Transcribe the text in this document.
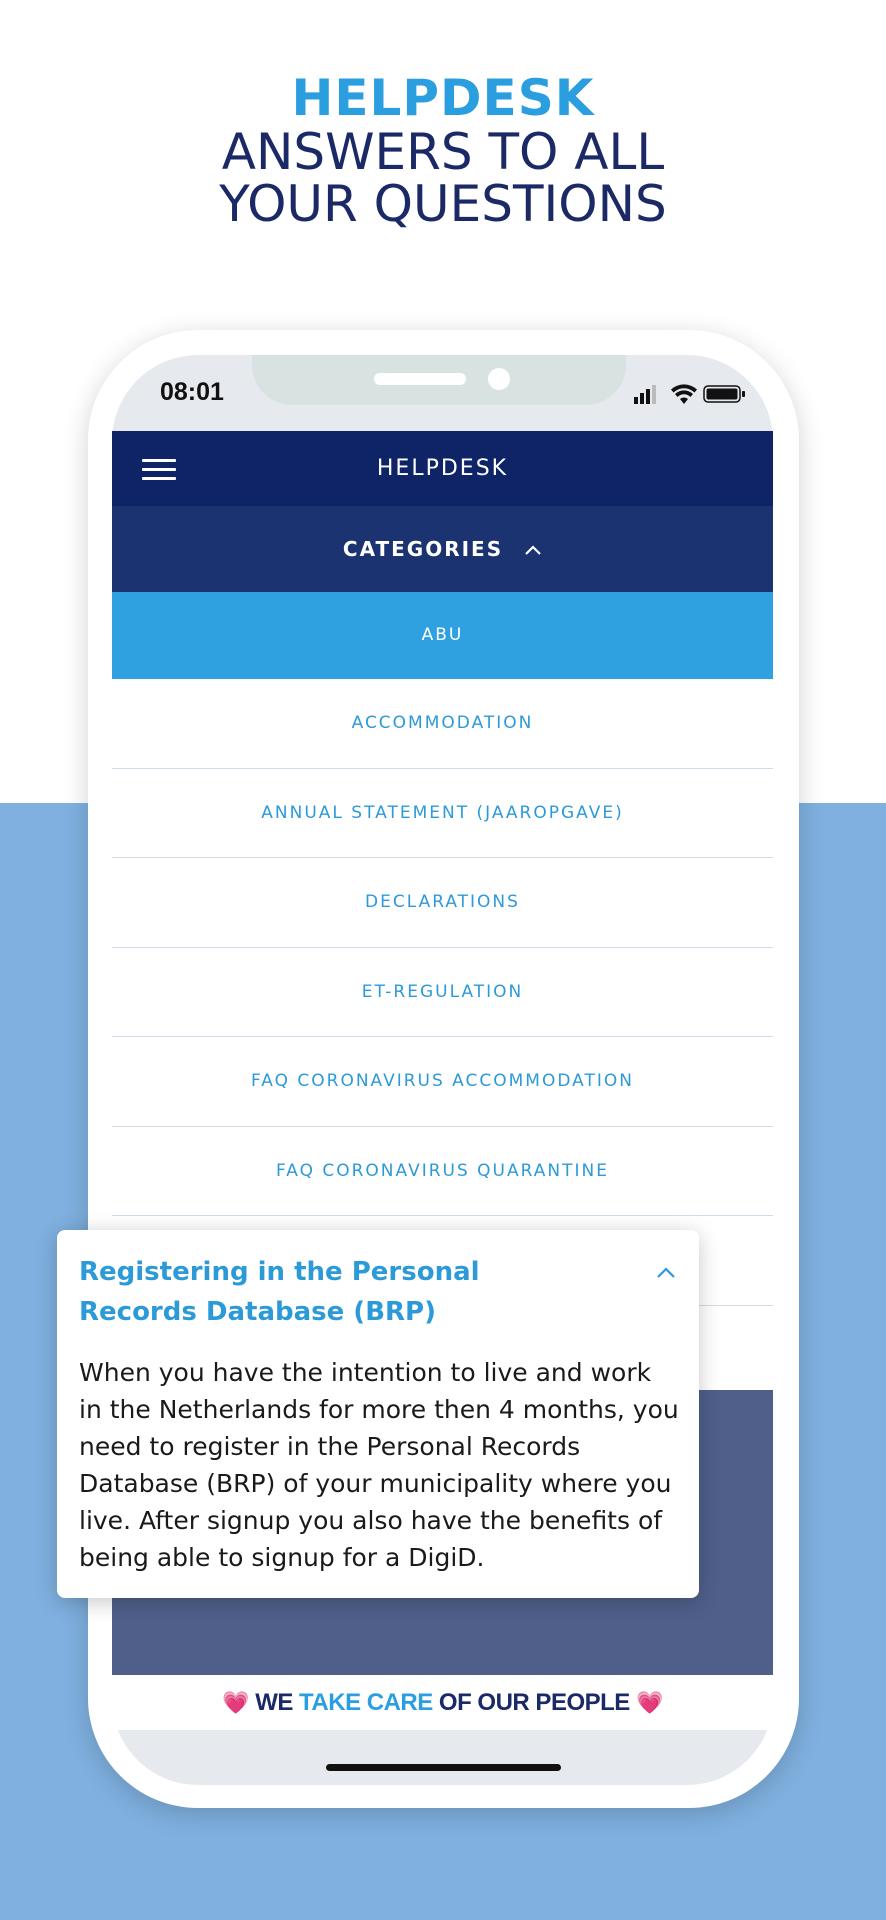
HELPDESK
ANSWERS TO ALL
YOUR QUESTIONS
08:01
HELPDESK
CATEGORIES
ABU
ACCOMMODATION
ANNUAL STATEMENT (JAAROPGAVE)
DECLARATIONS
ET-REGULATION
FAQ CORONAVIRUS ACCOMMODATION
FAQ CORONAVIRUS QUARANTINE
💗 WE TAKE CARE OF OUR PEOPLE 💗
Registering in the Personal Records Database (BRP)
When you have the intention to live and work in the Netherlands for more then 4 months, you need to register in the Personal Records Database (BRP) of your municipality where you live. After signup you also have the benefits of being able to signup for a DigiD.
